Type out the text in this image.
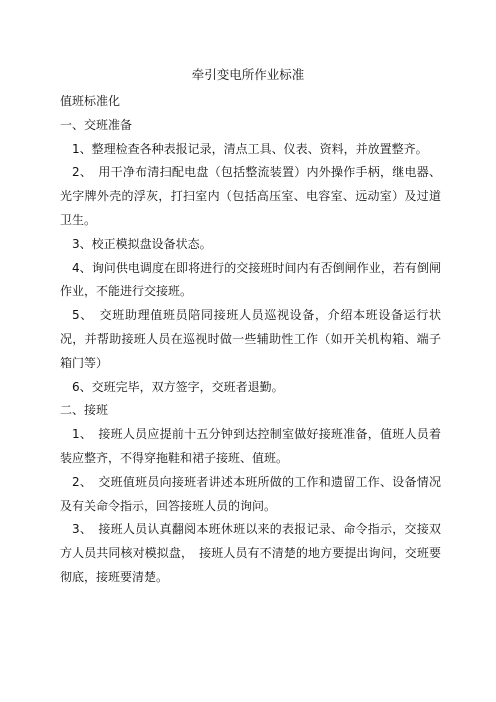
牵引变电所作业标准

值班标准化

一、交班准备

1、整理检查各种表报记录，清点工具、仪表、资料，并放置整齐。

2、　用干净布清扫配电盘（包括整流装置）内外操作手柄，继电器、光字牌外壳的浮灰，打扫室内（包括高压室、电容室、远动室）及过道卫生。

3、校正模拟盘设备状态。

4、询问供电调度在即将进行的交接班时间内有否倒闸作业，若有倒闸作业，不能进行交接班。

5、　交班助理值班员陪同接班人员巡视设备，介绍本班设备运行状况，并帮助接班人员在巡视时做一些辅助性工作（如开关机构箱、端子箱门等）

6、交班完毕，双方签字，交班者退勤。

二、接班

1、　接班人员应提前十五分钟到达控制室做好接班准备，值班人员着装应整齐，不得穿拖鞋和裙子接班、值班。

2、　交班值班员向接班者讲述本班所做的工作和遗留工作、设备情况及有关命令指示，回答接班人员的询问。

3、　接班人员认真翻阅本班休班以来的表报记录、命令指示，交接双方人员共同核对模拟盘，　接班人员有不清楚的地方要提出询问，交班要彻底，接班要清楚。
